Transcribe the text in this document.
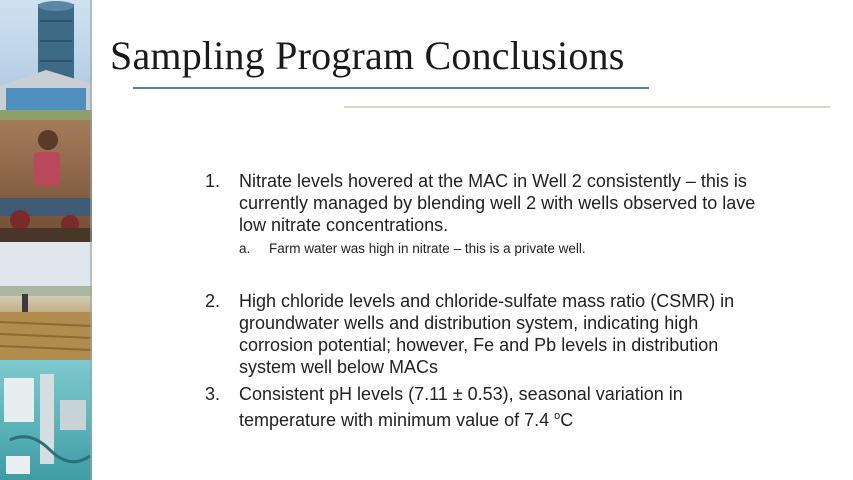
Sampling Program Conclusions
1.	Nitrate levels hovered at the MAC in Well 2 consistently – this is currently managed by blending well 2 with wells observed to lave low nitrate concentrations.
a.	Farm water was high in nitrate – this is a private well.
2.	High chloride levels and chloride-sulfate mass ratio (CSMR) in groundwater wells and distribution system, indicating high corrosion potential; however, Fe and Pb levels in distribution system well below MACs
3.	Consistent pH levels (7.11 ± 0.53), seasonal variation in temperature with minimum value of 7.4 $^o$C
